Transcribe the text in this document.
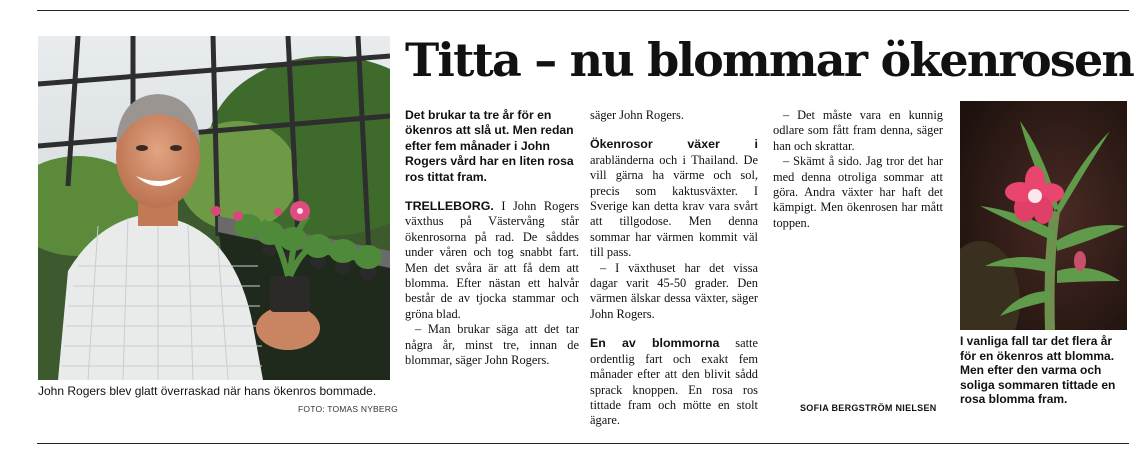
John Rogers blev glatt överraskad när hans ökenros bommade.
FOTO: TOMAS NYBERG
Titta – nu blommar ökenrosen

Det brukar ta tre år för en ökenros att slå ut. Men redan efter fem månader i John Rogers vård har en liten rosa ros tittat fram.

TRELLEBORG. I John Rogers växthus på Västervång står ökenrosorna på rad. De såddes under våren och tog snabbt fart. Men det svåra är att få dem att blomma. Efter nästan ett halvår består de av tjocka stammar och gröna blad.

– Man brukar säga att det tar några år, minst tre, innan de blommar, säger John Rogers.

säger John Rogers.

Ökenrosor växer i arabländerna och i Thailand. De vill gärna ha värme och sol, precis som kaktusväxter. I Sverige kan detta krav vara svårt att tillgodose. Men denna sommar har värmen kommit väl till pass.

– I växthuset har det vissa dagar varit 45-50 grader. Den värmen älskar dessa växter, säger John Rogers.

En av blommorna satte ordentlig fart och exakt fem månader efter att den blivit sådd sprack knoppen. En rosa ros tittade fram och mötte en stolt ägare.

– Det måste vara en kunnig odlare som fått fram denna, säger han och skrattar.

– Skämt å sido. Jag tror det har med denna otroliga sommar att göra. Andra växter har haft det kämpigt. Men ökenrosen har mått toppen.

SOFIA BERGSTRÖM NIELSEN
I vanliga fall tar det flera år för en ökenros att blomma. Men efter den varma och soliga sommaren tittade en rosa blomma fram.
